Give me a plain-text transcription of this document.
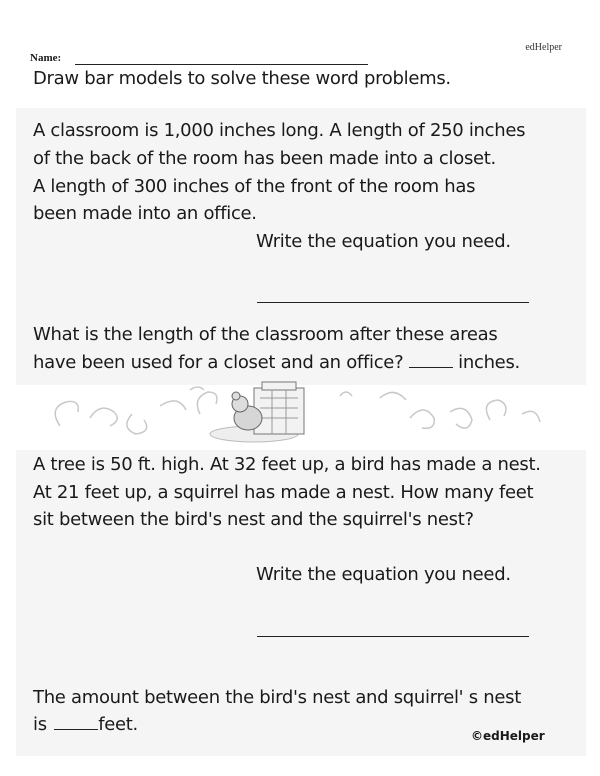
edHelper
Name:
Draw bar models to solve these word problems.
A classroom is 1,000 inches long. A length of 250 inches
of the back of the room has been made into a closet.
A length of 300 inches of the front of the room has
been made into an office.
Write the equation you need.
What is the length of the classroom after these areas
have been used for a closet and an office?	inches.
A tree is 50 ft. high. At 32 feet up, a bird has made a nest.
At 21 feet up, a squirrel has made a nest. How many feet
sit between the bird's nest and the squirrel's nest?
Write the equation you need.
The amount between the bird's nest and squirrel' s nest
is	feet.
©edHelper
